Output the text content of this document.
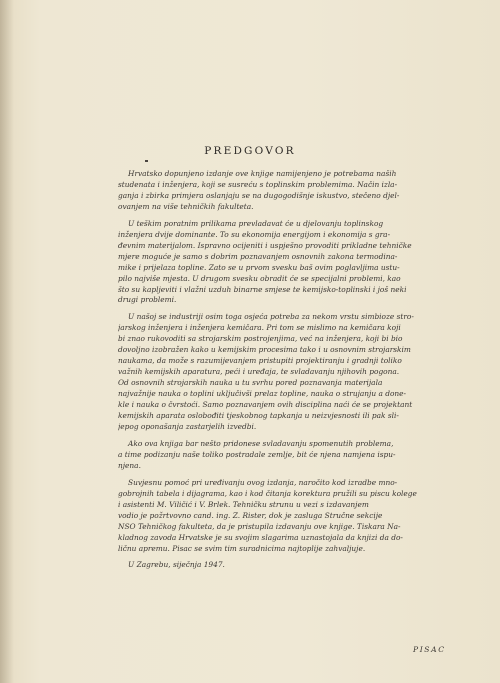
PREDGOVOR

Hrvatsko dopunjeno izdanje ove knjige namijenjeno je potrebama naših
studenata i inženjera, koji se susreću s toplinskim problemima. Način izla-
ganja i zbirka primjera oslanjaju se na dugogodišnje iskustvo, stečeno djel-
ovanjem na više tehničkih fakulteta.

U teškim poratnim prilikama prevladavat će u djelovanju toplinskog
inženjera dvije dominante. To su ekonomija energijom i ekonomija s gra-
đevnim materijalom. Ispravno ocijeniti i uspješno provoditi prikladne tehničke
mjere moguće je samo s dobrim poznavanjem osnovnih zakona termodina-
mike i prijelaza topline. Zato se u prvom svesku baš ovim poglavljima ustu-
pilo najviše mjesta. U drugom svesku obradit će se specijalni problemi, kao
što su kapljeviti i vlažni uzduh binarne smjese te kemijsko-toplinski i još neki
drugi problemi.

U našoj se industriji osim toga osjeća potreba za nekom vrstu simbioze stro-
jarskog inženjera i inženjera kemičara. Pri tom se mislimo na kemičara koji
bi znao rukovoditi sa strojarskim postrojenjima, već na inženjera, koji bi bio
dovoljno izobražen kako u kemijskim procesima tako i u osnovnim strojarskim
naukama, da može s razumijevanjem pristupiti projektiranju i gradnji toliko
važnih kemijskih aparatura, peći i uređaja, te svladavanju njihovih pogona.
Od osnovnih strojarskih nauka u tu svrhu pored poznavanja materijala
najvažnije nauka o toplini uključivši prelaz topline, nauka o strujanju a done-
kle i nauka o čvrstoći. Samo poznavanjem ovih disciplina naći će se projektant
kemijskih aparata oslobođiti tjeskobnog tapkanja u neizvjesnosti ili pak sli-
jepog oponašanja zastarjelih izvedbi.

Ako ova knjiga bar nešto pridonese svladavanju spomenutih problema,
a time podizanju naše toliko postradale zemlje, bit će njena namjena ispu-
njena.

Suvjesnu pomoć pri uređivanju ovog izdanja, naročito kod izradbe mno-
gobrojnih tabela i dijagrama, kao i kod čitanja korektura pružili su piscu kolege
i asistenti M. Viličić i V. Brlek. Tehničku strunu u vezi s izdavanjem
vodio je požrtvovno cand. ing. Z. Rister, dok je zasluga Stručne sekcije
NSO Tehničkog fakulteta, da je pristupila izdavanju ove knjige. Tiskara Na-
kladnog zavoda Hrvatske je su svojim slagarima uznastojala da knjizi da do-
ličnu apremu. Pisac se svim tim suradnicima najtoplije zahvaljuje.

U Zagrebu, siječnja 1947.
PISAC
